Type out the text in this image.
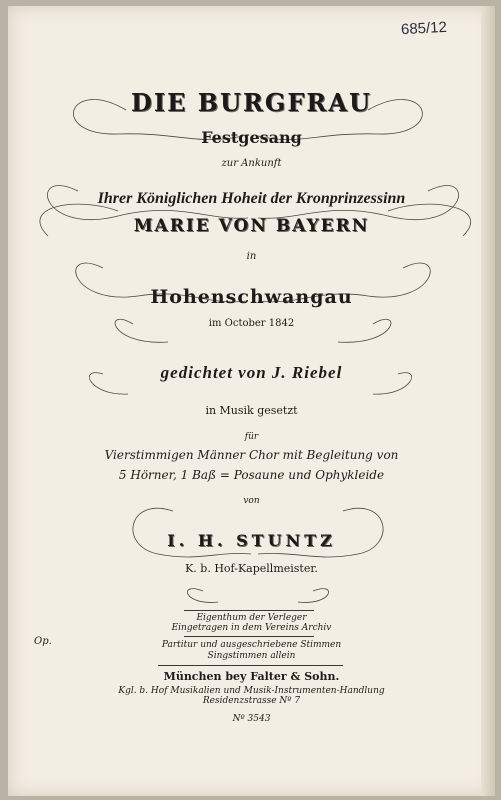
685/12
DIE BURGFRAU
Festgesang
zur Ankunft
Ihrer Königlichen Hoheit der Kronprinzessinn
MARIE VON BAYERN
in
Hohenschwangau
im October 1842
gedichtet von J. Riebel
in Musik gesetzt
für
Vierstimmigen Männer Chor mit Begleitung von
5 Hörner, 1 Baß = Posaune und Ophykleide
von
I. H. STUNTZ
K. b. Hof-Kapellmeister.
Eigenthum der Verleger
Eingetragen in dem Vereins Archiv
Op.	Partitur und ausgeschriebene Stimmen
Singstimmen allein
München bey Falter & Sohn.
Kgl. b. Hof Musikalien und Musik-Instrumenten-Handlung
Residenzstrasse Nº 7
Nº 3543
